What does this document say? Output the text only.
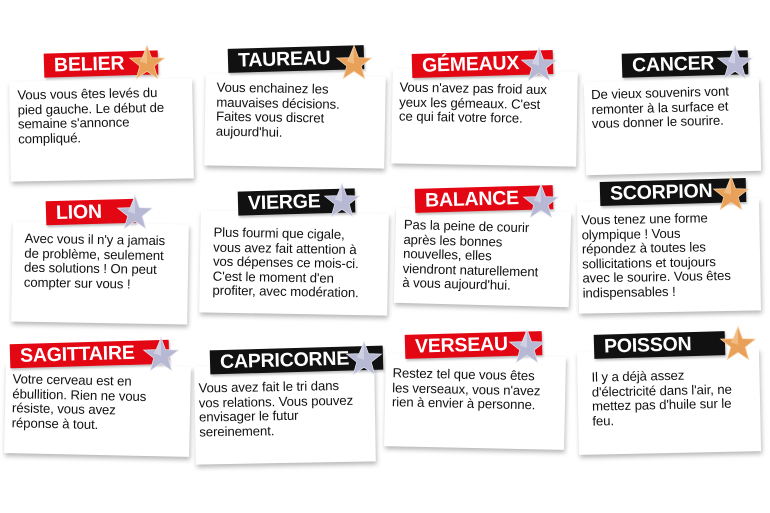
Vous vous êtes levés du
pied gauche. Le début de
semaine s'annonce
compliqué.
BELIER
Vous enchainez les
mauvaises décisions.
Faites vous discret
aujourd'hui.
TAUREAU
Vous n'avez pas froid aux
yeux les gémeaux. C'est
ce qui fait votre force.
GÉMEAUX
De vieux souvenirs vont
remonter à la surface et
vous donner le sourire.
CANCER
Avec vous il n'y a jamais
de problème, seulement
des solutions ! On peut
compter sur vous !
LION
Plus fourmi que cigale,
vous avez fait attention à
vos dépenses ce mois-ci.
C'est le moment d'en
profiter, avec modération.
VIERGE
Pas la peine de courir
après les bonnes
nouvelles, elles
viendront naturellement
à vous aujourd'hui.
BALANCE
Vous tenez une forme
olympique ! Vous
répondez à toutes les
sollicitations et toujours
avec le sourire. Vous êtes
indispensables !
SCORPION
Votre cerveau est en
ébullition. Rien ne vous
résiste, vous avez
réponse à tout.
SAGITTAIRE
Vous avez fait le tri dans
vos relations. Vous pouvez
envisager le futur
sereinement.
CAPRICORNE
Restez tel que vous êtes
les verseaux, vous n'avez
rien à envier à personne.
VERSEAU
Il y a déjà assez
d'électricité dans l'air, ne
mettez pas d'huile sur le
feu.
POISSON
